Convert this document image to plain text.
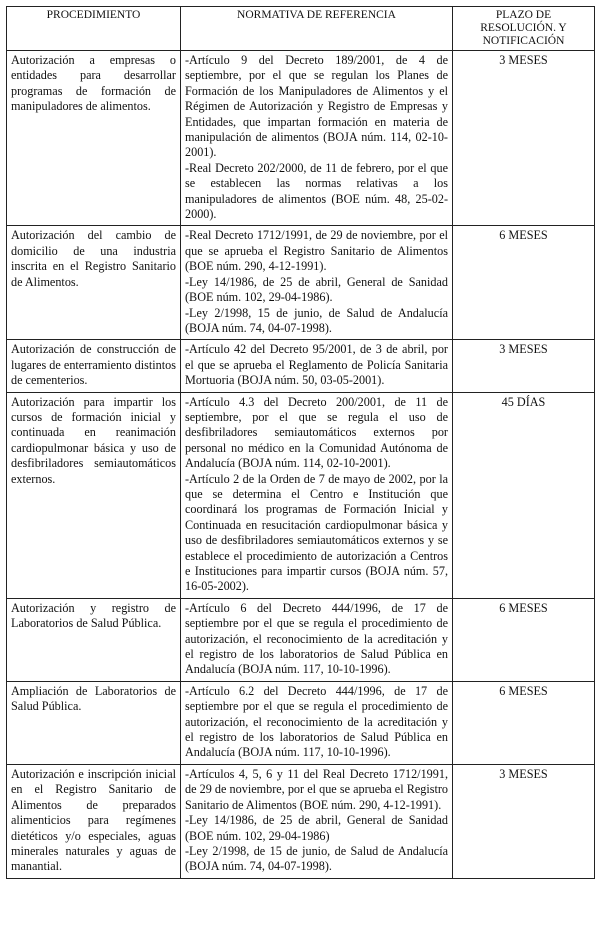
PROCEDIMIENTO	NORMATIVA DE REFERENCIA	PLAZO DE
RESOLUCIÓN. Y
NOTIFICACIÓN

Autorización a empresas o entidades para desarrollar programas de formación de manipuladores de alimentos.	-Artículo 9 del Decreto 189/2001, de 4 de septiembre, por el que se regulan los Planes de Formación de los Manipuladores de Alimentos y el Régimen de Autorización y Registro de Empresas y Entidades, que impartan formación en materia de manipulación de alimentos (BOJA núm. 114, 02-10-2001).

-Real Decreto 202/2000, de 11 de febrero, por el que se establecen las normas relativas a los manipuladores de alimentos (BOE núm. 48, 25-02-2000).	3 MESES
Autorización del cambio de domicilio de una industria inscrita en el Registro Sanitario de Alimentos.	-Real Decreto 1712/1991, de 29 de noviembre, por el que se aprueba el Registro Sanitario de Alimentos (BOE núm. 290, 4-12-1991).

-Ley 14/1986, de 25 de abril, General de Sanidad (BOE núm. 102, 29-04-1986).

-Ley 2/1998, 15 de junio, de Salud de Andalucía (BOJA núm. 74, 04-07-1998).	6 MESES
Autorización de construcción de lugares de enterramiento distintos de cementerios.	-Artículo 42 del Decreto 95/2001, de 3 de abril, por el que se aprueba el Reglamento de Policía Sanitaria Mortuoria (BOJA núm. 50, 03-05-2001).	3 MESES
Autorización para impartir los cursos de formación inicial y continuada en reanimación cardiopulmonar básica y uso de desfibriladores semiautomáticos externos.	-Artículo 4.3 del Decreto 200/2001, de 11 de septiembre, por el que se regula el uso de desfibriladores semiautomáticos externos por personal no médico en la Comunidad Autónoma de Andalucía (BOJA núm. 114, 02-10-2001).

-Artículo 2 de la Orden de 7 de mayo de 2002, por la que se determina el Centro e Institución que coordinará los programas de Formación Inicial y Continuada en resucitación cardiopulmonar básica y uso de desfibriladores semiautomáticos externos y se establece el procedimiento de autorización a Centros e Instituciones para impartir cursos (BOJA núm. 57, 16-05-2002).	45 DÍAS
Autorización y registro de Laboratorios de Salud Pública.	-Artículo 6 del Decreto 444/1996, de 17 de septiembre por el que se regula el procedimiento de autorización, el reconocimiento de la acreditación y el registro de los laboratorios de Salud Pública en Andalucía (BOJA núm. 117, 10-10-1996).	6 MESES
Ampliación de Laboratorios de Salud Pública.	-Artículo 6.2 del Decreto 444/1996, de 17 de septiembre por el que se regula el procedimiento de autorización, el reconocimiento de la acreditación y el registro de los laboratorios de Salud Pública en Andalucía (BOJA núm. 117, 10-10-1996).	6 MESES
Autorización e inscripción inicial en el Registro Sanitario de Alimentos de preparados alimenticios para regímenes dietéticos y/o especiales, aguas minerales naturales y aguas de manantial.	-Artículos 4, 5, 6 y 11 del Real Decreto 1712/1991, de 29 de noviembre, por el que se aprueba el Registro Sanitario de Alimentos (BOE núm. 290, 4-12-1991).

-Ley 14/1986, de 25 de abril, General de Sanidad (BOE núm. 102, 29-04-1986)

-Ley 2/1998, de 15 de junio, de Salud de Andalucía (BOJA núm. 74, 04-07-1998).	3 MESES
